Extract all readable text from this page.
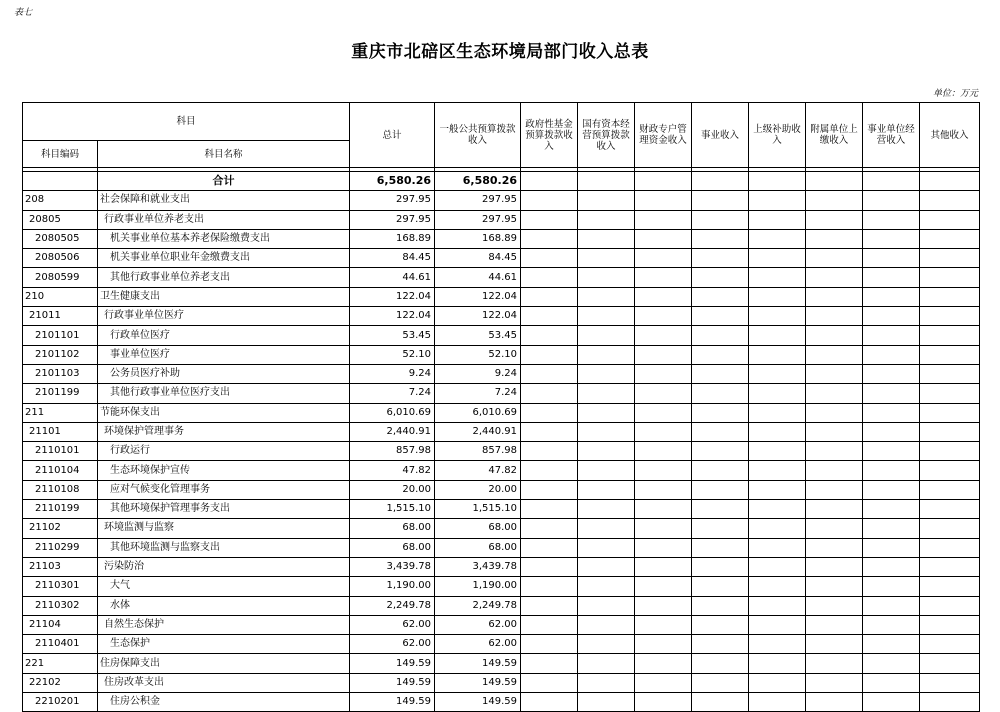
表七
重庆市北碚区生态环境局部门收入总表
单位：万元
科目		总计	一般公共预算拨款收入	政府性基金预算拨款收入	国有资本经营预算拨款收入	财政专户管理资金收入	事业收入	上级补助收入	附属单位上缴收入	事业单位经营收入	其他收入
科目编码	科目名称										

	合计	6,580.26	6,580.26								
208	社会保障和就业支出	297.95	297.95								
20805	行政事业单位养老支出	297.95	297.95								
2080505	机关事业单位基本养老保险缴费支出	168.89	168.89								
2080506	机关事业单位职业年金缴费支出	84.45	84.45								
2080599	其他行政事业单位养老支出	44.61	44.61								
210	卫生健康支出	122.04	122.04								
21011	行政事业单位医疗	122.04	122.04								
2101101	行政单位医疗	53.45	53.45								
2101102	事业单位医疗	52.10	52.10								
2101103	公务员医疗补助	9.24	9.24								
2101199	其他行政事业单位医疗支出	7.24	7.24								
211	节能环保支出	6,010.69	6,010.69								
21101	环境保护管理事务	2,440.91	2,440.91								
2110101	行政运行	857.98	857.98								
2110104	生态环境保护宣传	47.82	47.82								
2110108	应对气候变化管理事务	20.00	20.00								
2110199	其他环境保护管理事务支出	1,515.10	1,515.10								
21102	环境监测与监察	68.00	68.00								
2110299	其他环境监测与监察支出	68.00	68.00								
21103	污染防治	3,439.78	3,439.78								
2110301	大气	1,190.00	1,190.00								
2110302	水体	2,249.78	2,249.78								
21104	自然生态保护	62.00	62.00								
2110401	生态保护	62.00	62.00								
221	住房保障支出	149.59	149.59								
22102	住房改革支出	149.59	149.59								
2210201	住房公积金	149.59	149.59								
